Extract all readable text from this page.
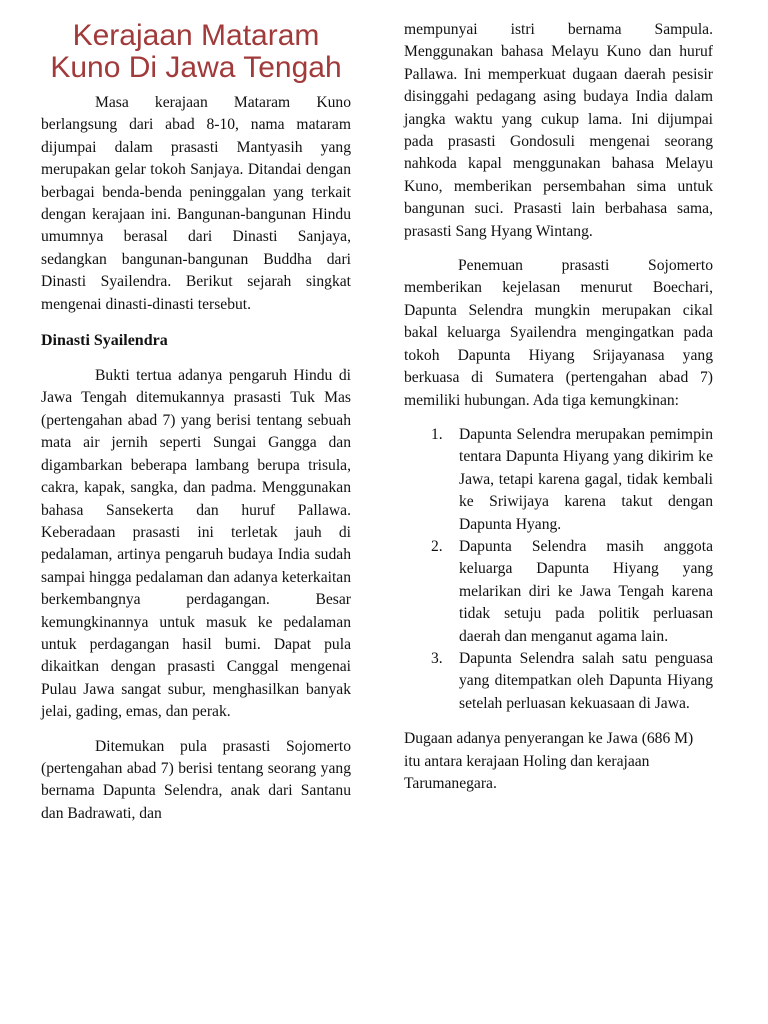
Kerajaan Mataram Kuno Di Jawa Tengah

Masa kerajaan Mataram Kuno berlangsung dari abad 8-10, nama mataram dijumpai dalam prasasti Mantyasih yang merupakan gelar tokoh Sanjaya. Ditandai dengan berbagai benda-benda peninggalan yang terkait dengan kerajaan ini. Bangunan-bangunan Hindu umumnya berasal dari Dinasti Sanjaya, sedangkan bangunan-bangunan Buddha dari Dinasti Syailendra. Berikut sejarah singkat mengenai dinasti-dinasti tersebut.

Dinasti Syailendra

Bukti tertua adanya pengaruh Hindu di Jawa Tengah ditemukannya prasasti Tuk Mas (pertengahan abad 7) yang berisi tentang sebuah mata air jernih seperti Sungai Gangga dan digambarkan beberapa lambang berupa trisula, cakra, kapak, sangka, dan padma. Menggunakan bahasa Sansekerta dan huruf Pallawa. Keberadaan prasasti ini terletak jauh di pedalaman, artinya pengaruh budaya India sudah sampai hingga pedalaman dan adanya keterkaitan berkembangnya perdagangan. Besar kemungkinannya untuk masuk ke pedalaman untuk perdagangan hasil bumi. Dapat pula dikaitkan dengan prasasti Canggal mengenai Pulau Jawa sangat subur, menghasilkan banyak jelai, gading, emas, dan perak.

Ditemukan pula prasasti Sojomerto (pertengahan abad 7) berisi tentang seorang yang bernama Dapunta Selendra, anak dari Santanu dan Badrawati, dan

mempunyai istri bernama Sampula. Menggunakan bahasa Melayu Kuno dan huruf Pallawa. Ini memperkuat dugaan daerah pesisir disinggahi pedagang asing budaya India dalam jangka waktu yang cukup lama. Ini dijumpai pada prasasti Gondosuli mengenai seorang nahkoda kapal menggunakan bahasa Melayu Kuno, memberikan persembahan sima untuk bangunan suci. Prasasti lain berbahasa sama, prasasti Sang Hyang Wintang.

Penemuan prasasti Sojomerto memberikan kejelasan menurut Boechari, Dapunta Selendra mungkin merupakan cikal bakal keluarga Syailendra mengingatkan pada tokoh Dapunta Hiyang Srijayanasa yang berkuasa di Sumatera (pertengahan abad 7) memiliki hubungan. Ada tiga kemungkinan:

1. Dapunta Selendra merupakan pemimpin tentara Dapunta Hiyang yang dikirim ke Jawa, tetapi karena gagal, tidak kembali ke Sriwijaya karena takut dengan Dapunta Hyang.
2. Dapunta Selendra masih anggota keluarga Dapunta Hiyang yang melarikan diri ke Jawa Tengah karena tidak setuju pada politik perluasan daerah dan menganut agama lain.
3. Dapunta Selendra salah satu penguasa yang ditempatkan oleh Dapunta Hiyang setelah perluasan kekuasaan di Jawa.

Dugaan adanya penyerangan ke Jawa (686 M) itu antara kerajaan Holing dan kerajaan Tarumanegara.
